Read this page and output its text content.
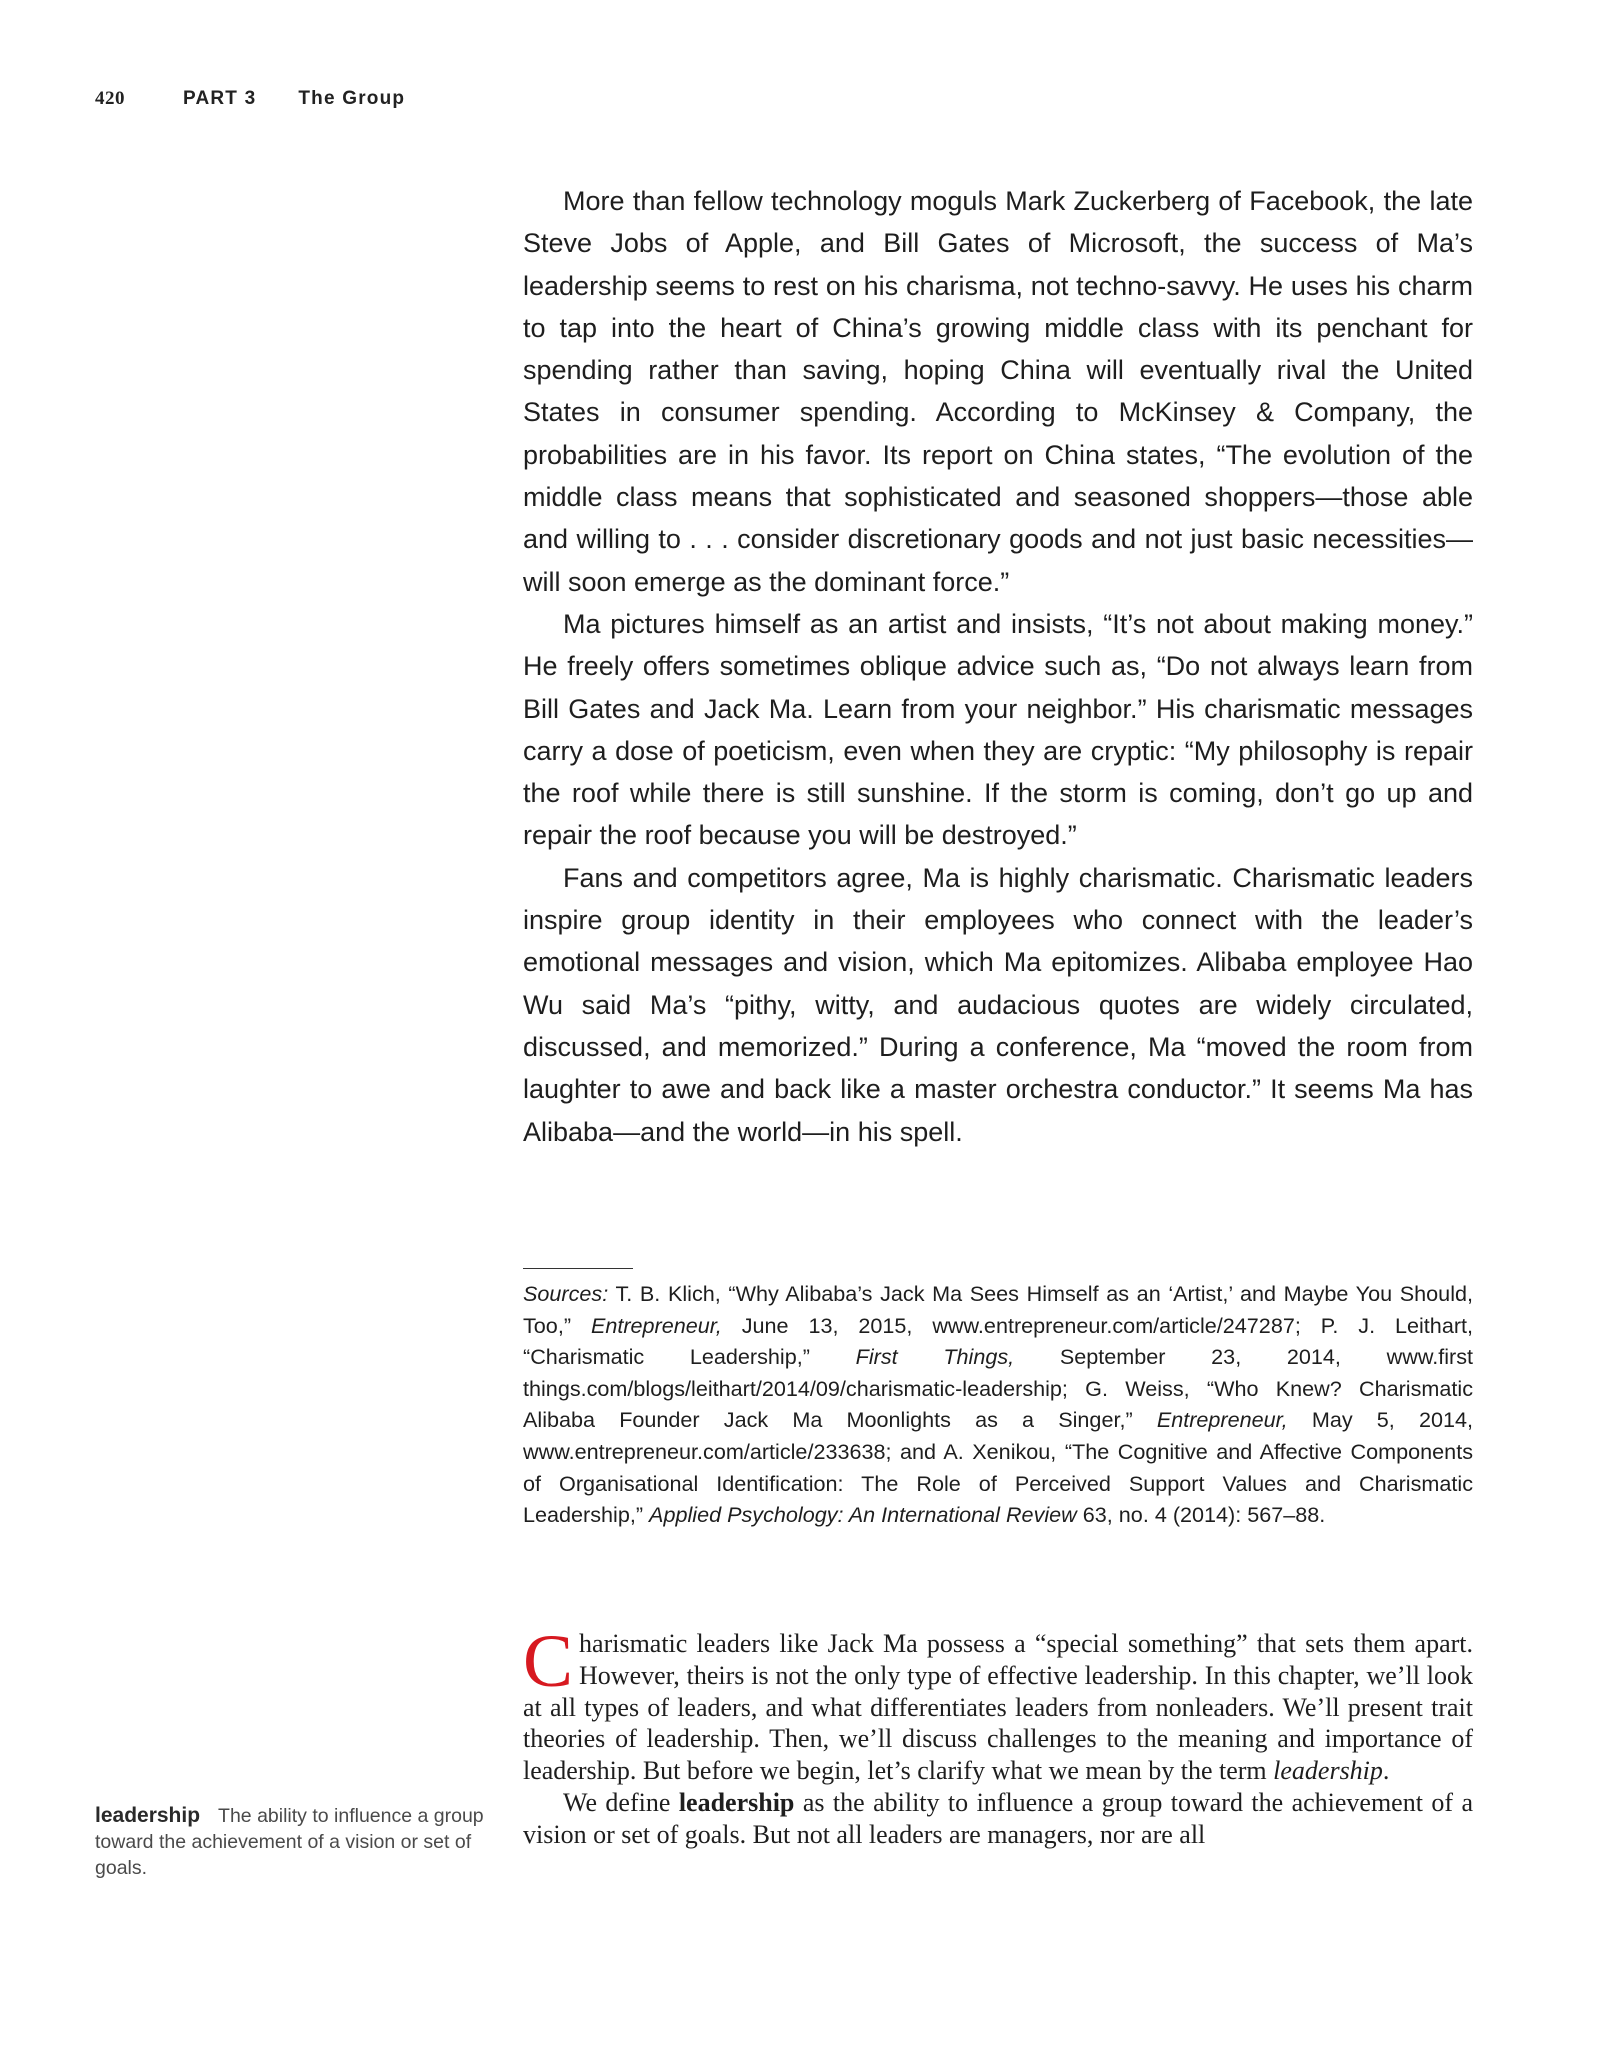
420	PART 3 The Group

More than fellow technology moguls Mark Zuckerberg of Facebook, the late Steve Jobs of Apple, and Bill Gates of Microsoft, the success of Ma’s leadership seems to rest on his charisma, not techno-savvy. He uses his charm to tap into the heart of China’s growing middle class with its penchant for spending rather than saving, hoping China will eventually rival the United States in consumer spending. According to McKinsey & Company, the probabilities are in his favor. Its report on China states, “The evolution of the middle class means that sophisticated and seasoned shoppers—those able and willing to . . . consider discretionary goods and not just basic necessities—will soon emerge as the dominant force.”

Ma pictures himself as an artist and insists, “It’s not about making money.” He freely offers sometimes oblique advice such as, “Do not always learn from Bill Gates and Jack Ma. Learn from your neighbor.” His charismatic messages carry a dose of poeticism, even when they are cryptic: “My philosophy is repair the roof while there is still sunshine. If the storm is coming, don’t go up and repair the roof because you will be destroyed.”

Fans and competitors agree, Ma is highly charismatic. Charismatic leaders inspire group identity in their employees who connect with the leader’s emotional messages and vision, which Ma epitomizes. Alibaba employee Hao Wu said Ma’s “pithy, witty, and audacious quotes are widely circulated, discussed, and memorized.” During a conference, Ma “moved the room from laughter to awe and back like a master orchestra conductor.” It seems Ma has Alibaba—and the world—in his spell.

Sources: T. B. Klich, “Why Alibaba’s Jack Ma Sees Himself as an ‘Artist,’ and Maybe You Should, Too,” Entrepreneur, June 13, 2015, www.entrepreneur.com/article/247287; P. J. Leithart, “Charismatic Leadership,” First Things, September 23, 2014, www.first things.com/blogs/leithart/2014/09/charismatic-leadership; G. Weiss, “Who Knew? Charismatic Alibaba Founder Jack Ma Moonlights as a Singer,” Entrepreneur, May 5, 2014, www.entrepreneur.com/article/233638; and A. Xenikou, “The Cognitive and Affective Components of Organisational Identification: The Role of Perceived Support Values and Charismatic Leadership,” Applied Psychology: An International Review 63, no. 4 (2014): 567–88.

Charismatic leaders like Jack Ma possess a “special something” that sets them apart. However, theirs is not the only type of effective leadership. In this chapter, we’ll look at all types of leaders, and what differentiates leaders from nonleaders. We’ll present trait theories of leadership. Then, we’ll discuss challenges to the meaning and importance of leadership. But before we begin, let’s clarify what we mean by the term leadership.

We define leadership as the ability to influence a group toward the achievement of a vision or set of goals. But not all leaders are managers, nor are all

leadership The ability to influence a group toward the achievement of a vision or set of goals.
